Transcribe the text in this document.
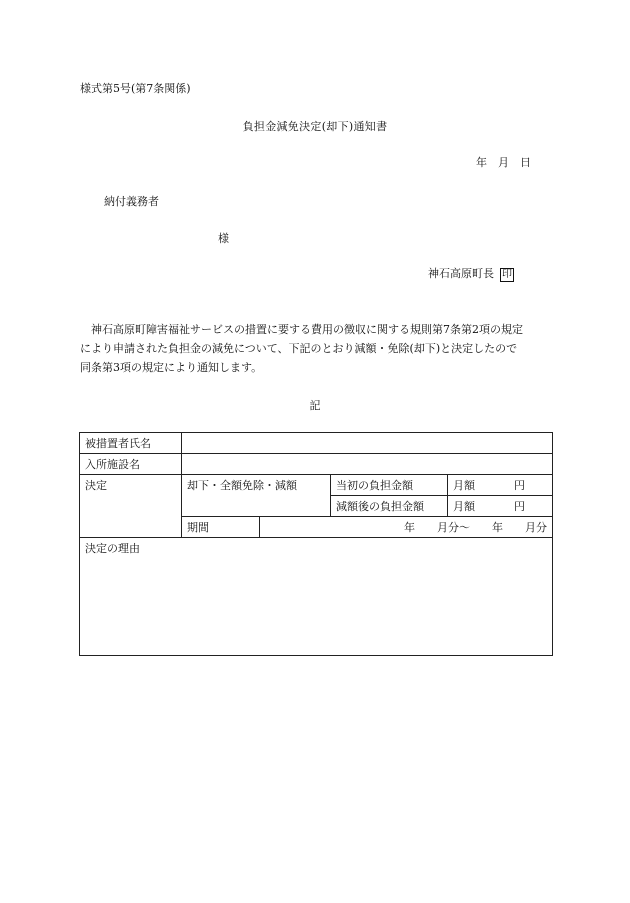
様式第5号(第7条関係)
負担金減免決定(却下)通知書
年　月　日
納付義務者
様
神石高原町長 印

　神石高原町障害福祉サービスの措置に要する費用の徴収に関する規則第7条第2項の規定

により申請された負担金の減免について、下記のとおり減額・免除(却下)と決定したので

同条第3項の規定により通知します。

記
被措置者氏名				
入所施設名				
決定	却下・全額免除・減額		当初の負担金額	月額 円

			減額後の負担金額	月額 円

	期間	年　　月分～　　年　　月分		
決定の理由				
